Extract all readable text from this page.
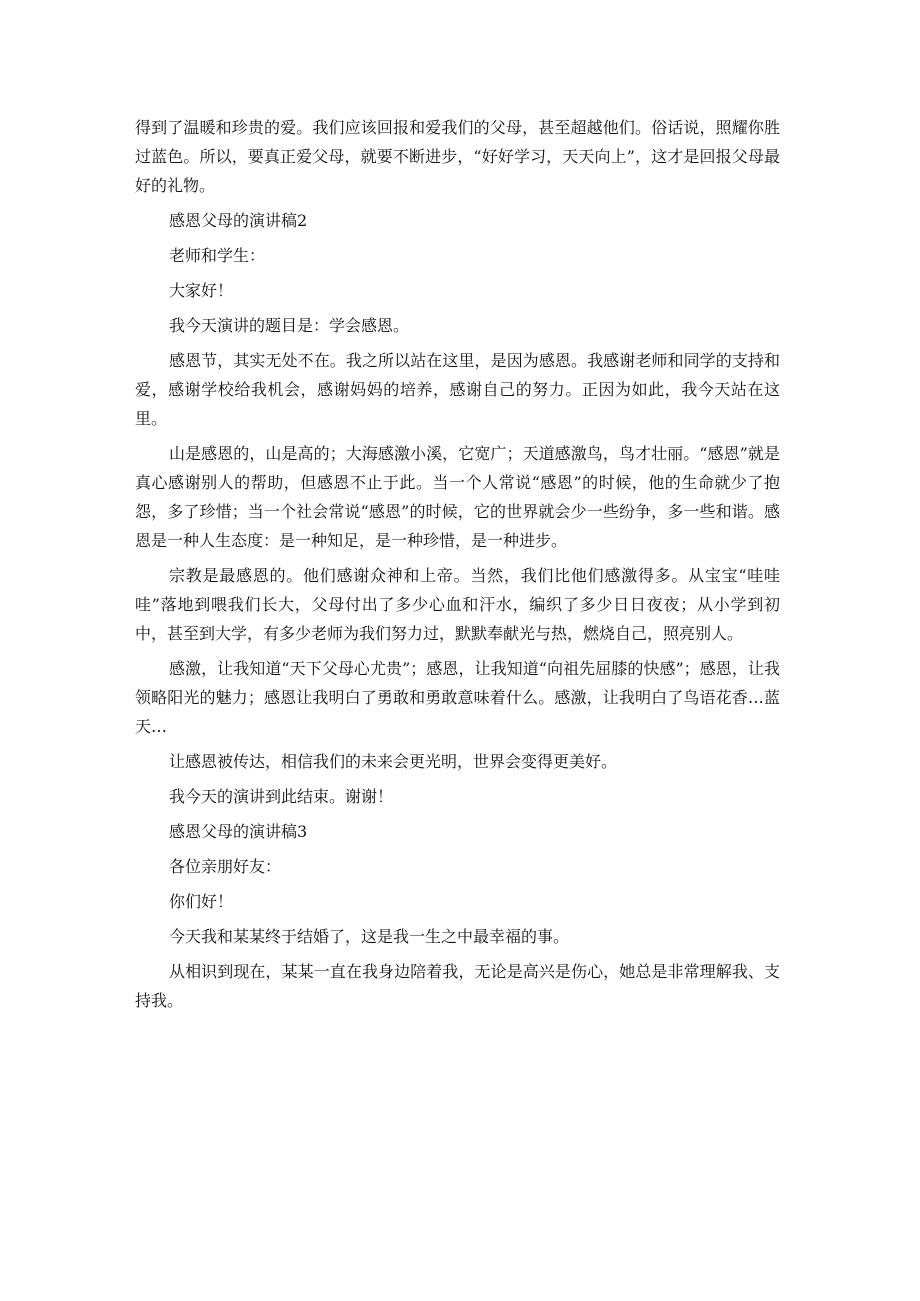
得到了温暖和珍贵的爱。我们应该回报和爱我们的父母，甚至超越他们。俗话说，照耀你胜过蓝色。所以，要真正爱父母，就要不断进步，“好好学习，天天向上”，这才是回报父母最好的礼物。

感恩父母的演讲稿2

老师和学生：

大家好！

我今天演讲的题目是：学会感恩。

感恩节，其实无处不在。我之所以站在这里，是因为感恩。我感谢老师和同学的支持和爱，感谢学校给我机会，感谢妈妈的培养，感谢自己的努力。正因为如此，我今天站在这里。

山是感恩的，山是高的；大海感激小溪，它宽广；天道感激鸟，鸟才壮丽。“感恩”就是真心感谢别人的帮助，但感恩不止于此。当一个人常说“感恩”的时候，他的生命就少了抱怨，多了珍惜；当一个社会常说“感恩”的时候，它的世界就会少一些纷争，多一些和谐。感恩是一种人生态度：是一种知足，是一种珍惜，是一种进步。

宗教是最感恩的。他们感谢众神和上帝。当然，我们比他们感激得多。从宝宝“哇哇哇”落地到喂我们长大，父母付出了多少心血和汗水，编织了多少日日夜夜；从小学到初中，甚至到大学，有多少老师为我们努力过，默默奉献光与热，燃烧自己，照亮别人。

感激，让我知道“天下父母心尤贵”；感恩，让我知道“向祖先屈膝的快感”；感恩，让我领略阳光的魅力；感恩让我明白了勇敢和勇敢意味着什么。感激，让我明白了鸟语花香…蓝天…

让感恩被传达，相信我们的未来会更光明，世界会变得更美好。

我今天的演讲到此结束。谢谢！

感恩父母的演讲稿3

各位亲朋好友：

你们好！

今天我和某某终于结婚了，这是我一生之中最幸福的事。

从相识到现在，某某一直在我身边陪着我，无论是高兴是伤心，她总是非常理解我、支持我。
